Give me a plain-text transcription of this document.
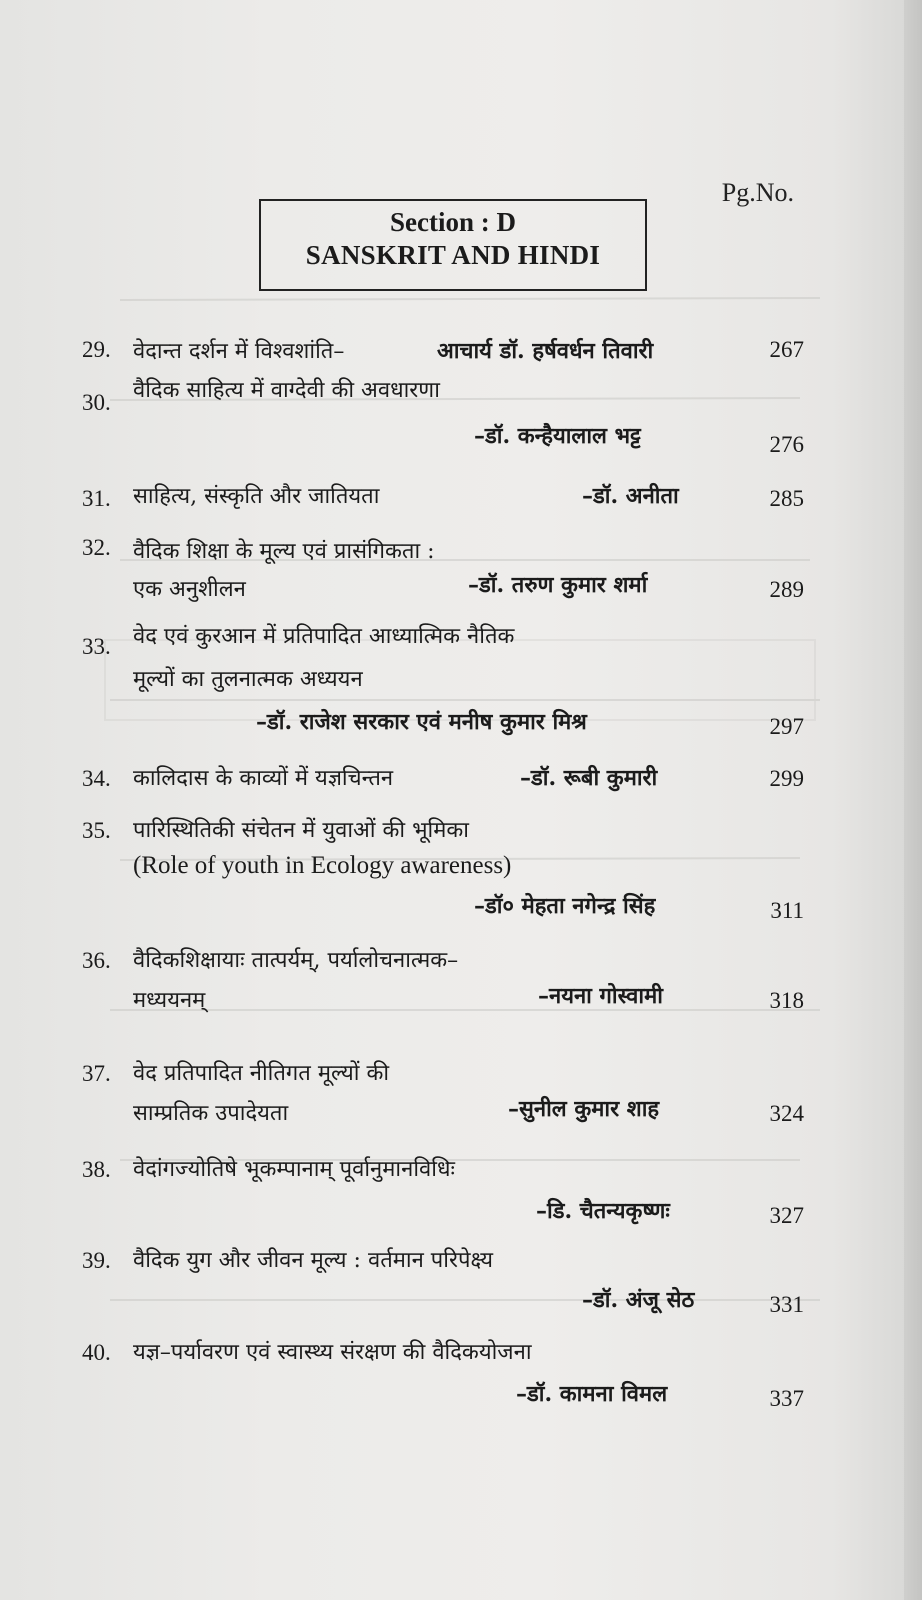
Pg.No.
Section : D
SANSKRIT AND HINDI
29. वेदान्त दर्शन में विश्वशांति–	आचार्य डॉ. हर्षवर्धन तिवारी	267
30. वैदिक साहित्य में वाग्देवी की अवधारणा
–डॉ. कन्हैयालाल भट्ट	276
31. साहित्य, संस्कृति और जातियता	–डॉ. अनीता	285
32. वैदिक शिक्षा के मूल्य एवं प्रासंगिकता :
एक अनुशीलन	–डॉ. तरुण कुमार शर्मा	289
33. वेद एवं कुरआन में प्रतिपादित आध्यात्मिक नैतिक
मूल्यों का तुलनात्मक अध्ययन
–डॉ. राजेश सरकार एवं मनीष कुमार मिश्र	297
34. कालिदास के काव्यों में यज्ञचिन्तन	–डॉ. रूबी कुमारी	299
35. पारिस्थितिकी संचेतन में युवाओं की भूमिका
(Role of youth in Ecology awareness)
–डॉ० मेहता नगेन्द्र सिंह	311
36. वैदिकशिक्षायाः तात्पर्यम्, पर्यालोचनात्मक–
मध्ययनम्	–नयना गोस्वामी	318
37. वेद प्रतिपादित नीतिगत मूल्यों की
साम्प्रतिक उपादेयता	–सुनील कुमार शाह	324
38. वेदांगज्योतिषे भूकम्पानाम् पूर्वानुमानविधिः
–डि. चैतन्यकृष्णः	327
39. वैदिक युग और जीवन मूल्य : वर्तमान परिपेक्ष्य
–डॉ. अंजू सेठ	331
40. यज्ञ–पर्यावरण एवं स्वास्थ्य संरक्षण की वैदिकयोजना
–डॉ. कामना विमल	337
